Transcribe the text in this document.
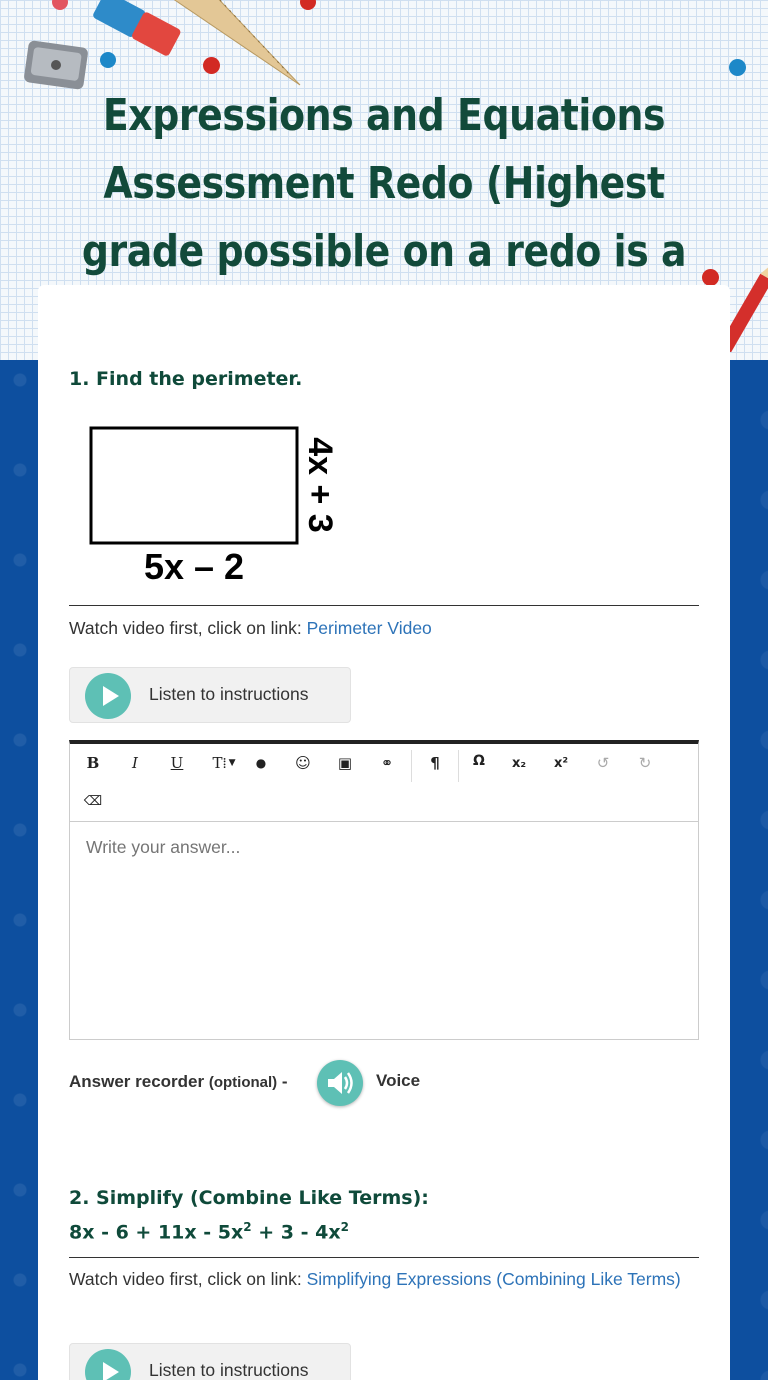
Expressions and Equations Assessment Redo (Highest grade possible on a redo is a
1. Find the perimeter.
4x + 3
5x – 2
Watch video first, click on link: Perimeter Video
Listen to instructions
B	I	U	T⁞ ▼ ● ☺ ▣ ⚭ ¶ Ω x₂ x² ↺ ↻
⌫
Write your answer...
Answer recorder (optional) -	Voice
2. Simplify (Combine Like Terms):
$8x - 6 + 11x - 5x^2 + 3 - 4x^2$
Watch video first, click on link: Simplifying Expressions (Combining Like Terms)
Listen to instructions
